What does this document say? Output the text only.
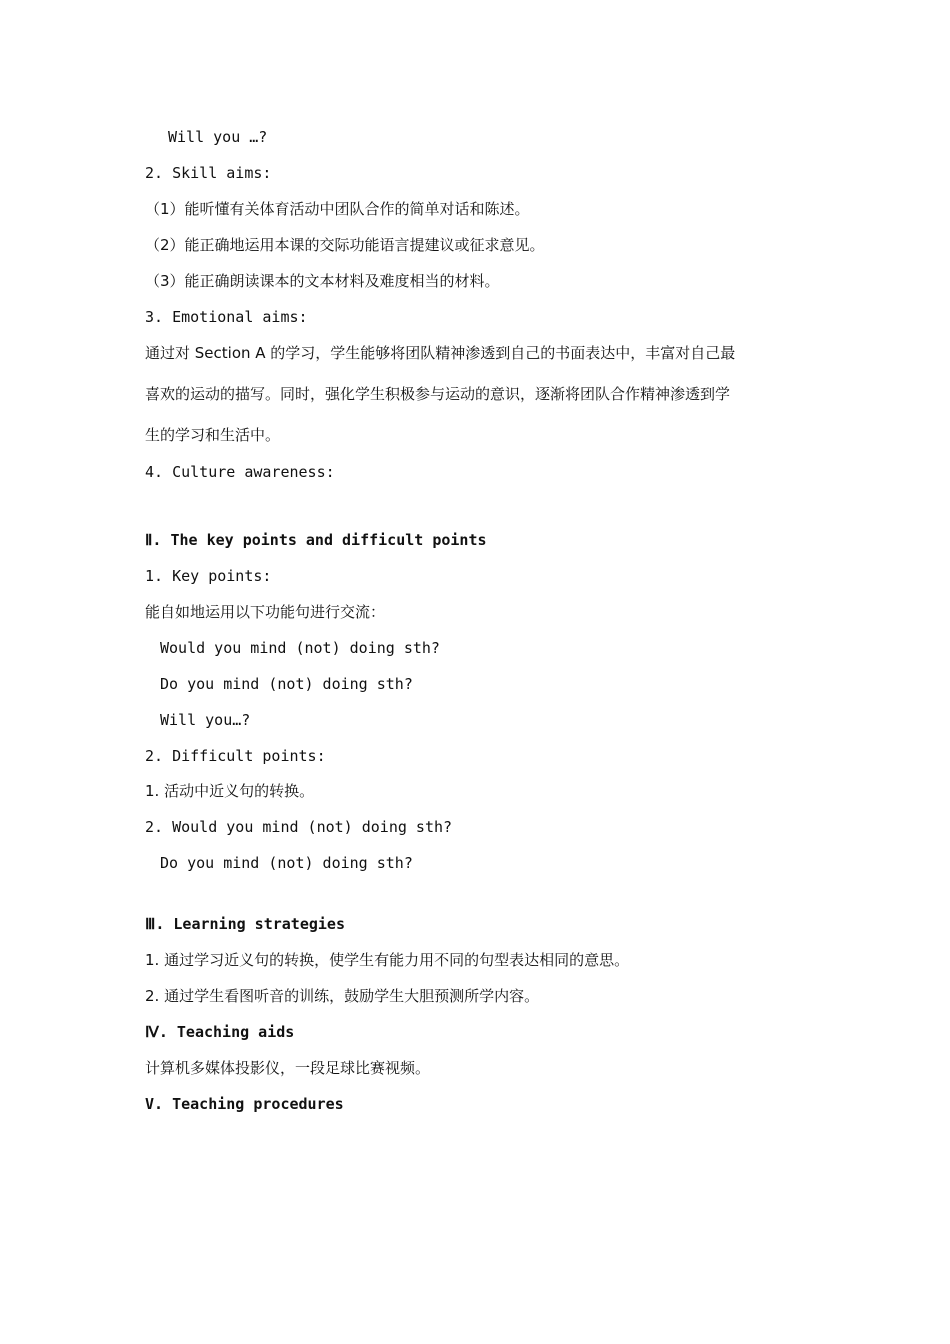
Will you …?
2. Skill aims:
（1）能听懂有关体育活动中团队合作的简单对话和陈述。
（2）能正确地运用本课的交际功能语言提建议或征求意见。
（3）能正确朗读课本的文本材料及难度相当的材料。
3. Emotional aims:
通过对 Section A 的学习，学生能够将团队精神渗透到自己的书面表达中，丰富对自己最
喜欢的运动的描写。同时，强化学生积极参与运动的意识，逐渐将团队合作精神渗透到学
生的学习和生活中。
4. Culture awareness:
Ⅱ. The key points and difficult points
1. Key points:
能自如地运用以下功能句进行交流：
Would you mind (not) doing sth?
Do you mind (not) doing sth?
Will you…?
2. Difficult points:
1. 活动中近义句的转换。
2. Would you mind (not) doing sth?
Do you mind (not) doing sth?
Ⅲ. Learning strategies
1. 通过学习近义句的转换，使学生有能力用不同的句型表达相同的意思。
2. 通过学生看图听音的训练，鼓励学生大胆预测所学内容。
Ⅳ. Teaching aids
计算机多媒体投影仪，一段足球比赛视频。
V. Teaching procedures
